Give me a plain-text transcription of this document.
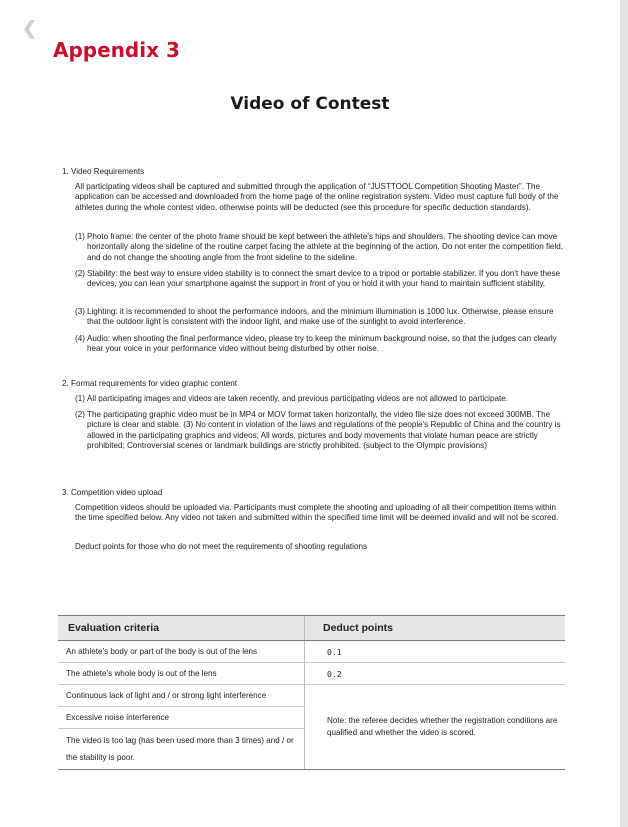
❮
Appendix 3
Video of Contest
1. Video Requirements
All participating videos shall be captured and submitted through the application of “JUSTTOOL Competition Shooting Master”. The application can be accessed and downloaded from the home page of the online registration system. Video must capture full body of the athletes during the whole contest video, otherwise points will be deducted (see this procedure for specific deduction standards).
(1) Photo frame: the center of the photo frame should be kept between the athlete's hips and shoulders. The shooting device can move horizontally along the sideline of the routine carpet facing the athlete at the beginning of the action. Do not enter the competition field, and do not change the shooting angle from the front sideline to the sideline.
(2) Stability: the best way to ensure video stability is to connect the smart device to a tripod or portable stabilizer. If you don't have these devices, you can lean your smartphone against the support in front of you or hold it with your hand to maintain sufficient stability.
(3) Lighting: it is recommended to shoot the performance indoors, and the minimum illumination is 1000 lux. Otherwise, please ensure that the outdoor light is consistent with the indoor light, and make use of the sunlight to avoid interference.
(4) Audio: when shooting the final performance video, please try to keep the minimum background noise, so that the judges can clearly hear your voice in your performance video without being disturbed by other noise.
2. Format requirements for video graphic content
(1) All participating images and videos are taken recently, and previous participating videos are not allowed to participate.
(2) The participating graphic video must be in MP4 or MOV format taken horizontally, the video file size does not exceed 300MB. The picture is clear and stable. (3) No content in violation of the laws and regulations of the people's Republic of China and the country is allowed in the participating graphics and videos; All words, pictures and body movements that violate human peace are strictly prohibited; Controversial scenes or landmark buildings are strictly prohibited. (subject to the Olympic provisions)
3. Competition video upload
Competition videos should be uploaded via. Participants must complete the shooting and uploading of all their competition items within the time specified below. Any video not taken and submitted within the specified time limit will be deemed invalid and will not be scored.
Deduct points for those who do not meet the requirements of shooting regulations
Evaluation criteria	Deduct points
An athlete’s body or part of the body is out of the lens	0.1
The athlete’s whole body is out of the lens	0.2
Continuous lack of light and / or strong light interference	Note: the referee decides whether the registration conditions are qualified and whether the video is scored.
Excessive noise interference	
The video is too lag (has been used more than 3 times) and / or the stability is poor.	
